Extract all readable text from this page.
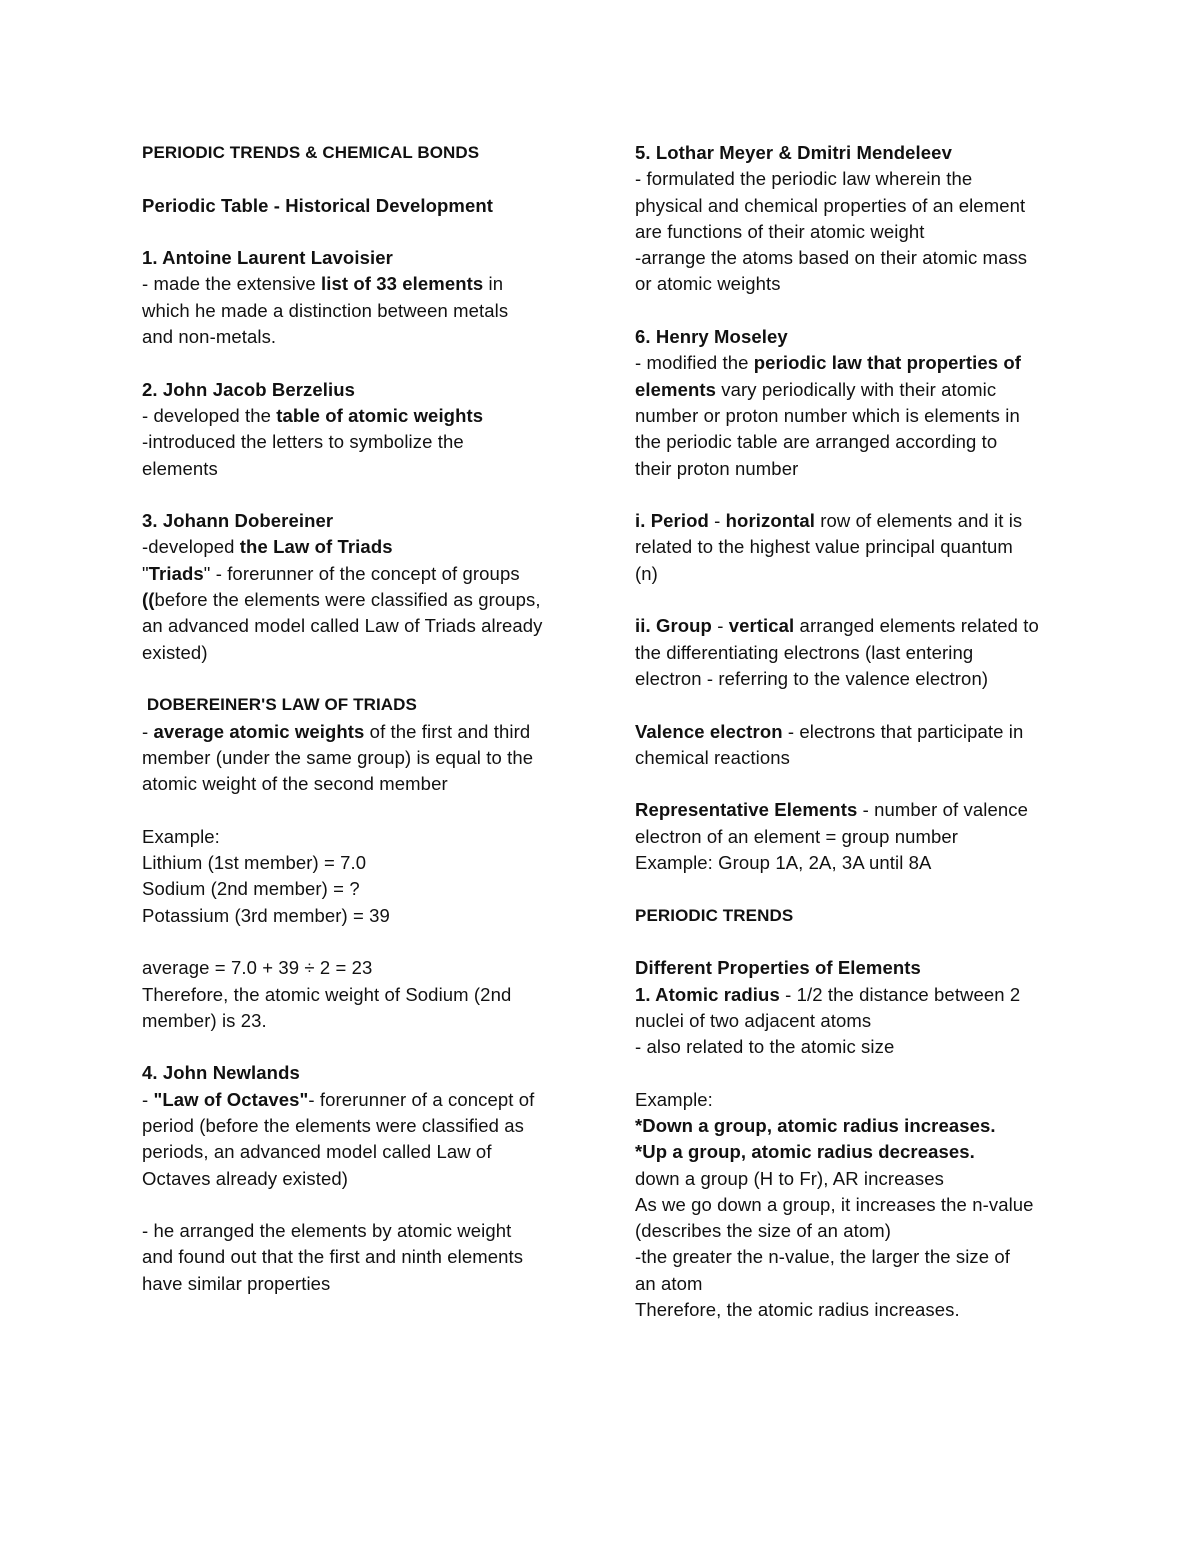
PERIODIC TRENDS & CHEMICAL BONDS
Periodic Table - Historical Development
1. Antoine Laurent Lavoisier
- made the extensive list of 33 elements in
which he made a distinction between metals
and non-metals.
2. John Jacob Berzelius
- developed the table of atomic weights
-introduced the letters to symbolize the
elements
3. Johann Dobereiner
-developed the Law of Triads
"Triads" - forerunner of the concept of groups
((before the elements were classified as groups,
an advanced model called Law of Triads already
existed)
DOBEREINER'S LAW OF TRIADS
- average atomic weights of the first and third
member (under the same group) is equal to the
atomic weight of the second member
Example:
Lithium (1st member) = 7.0
Sodium (2nd member) = ?
Potassium (3rd member) = 39
average = 7.0 + 39 ÷ 2 = 23
Therefore, the atomic weight of Sodium (2nd
member) is 23.
4. John Newlands
- "Law of Octaves"- forerunner of a concept of
period (before the elements were classified as
periods, an advanced model called Law of
Octaves already existed)
- he arranged the elements by atomic weight
and found out that the first and ninth elements
have similar properties
5. Lothar Meyer & Dmitri Mendeleev
- formulated the periodic law wherein the
physical and chemical properties of an element
are functions of their atomic weight
-arrange the atoms based on their atomic mass
or atomic weights
6. Henry Moseley
- modified the periodic law that properties of
elements vary periodically with their atomic
number or proton number which is elements in
the periodic table are arranged according to
their proton number
i. Period - horizontal row of elements and it is
related to the highest value principal quantum
(n)
ii. Group - vertical arranged elements related to
the differentiating electrons (last entering
electron - referring to the valence electron)
Valence electron - electrons that participate in
chemical reactions
Representative Elements - number of valence
electron of an element = group number
Example: Group 1A, 2A, 3A until 8A
PERIODIC TRENDS
Different Properties of Elements
1. Atomic radius - 1/2 the distance between 2
nuclei of two adjacent atoms
- also related to the atomic size
Example:
*Down a group, atomic radius increases.
*Up a group, atomic radius decreases.
down a group (H to Fr), AR increases
As we go down a group, it increases the n-value
(describes the size of an atom)
-the greater the n-value, the larger the size of
an atom
Therefore, the atomic radius increases.
